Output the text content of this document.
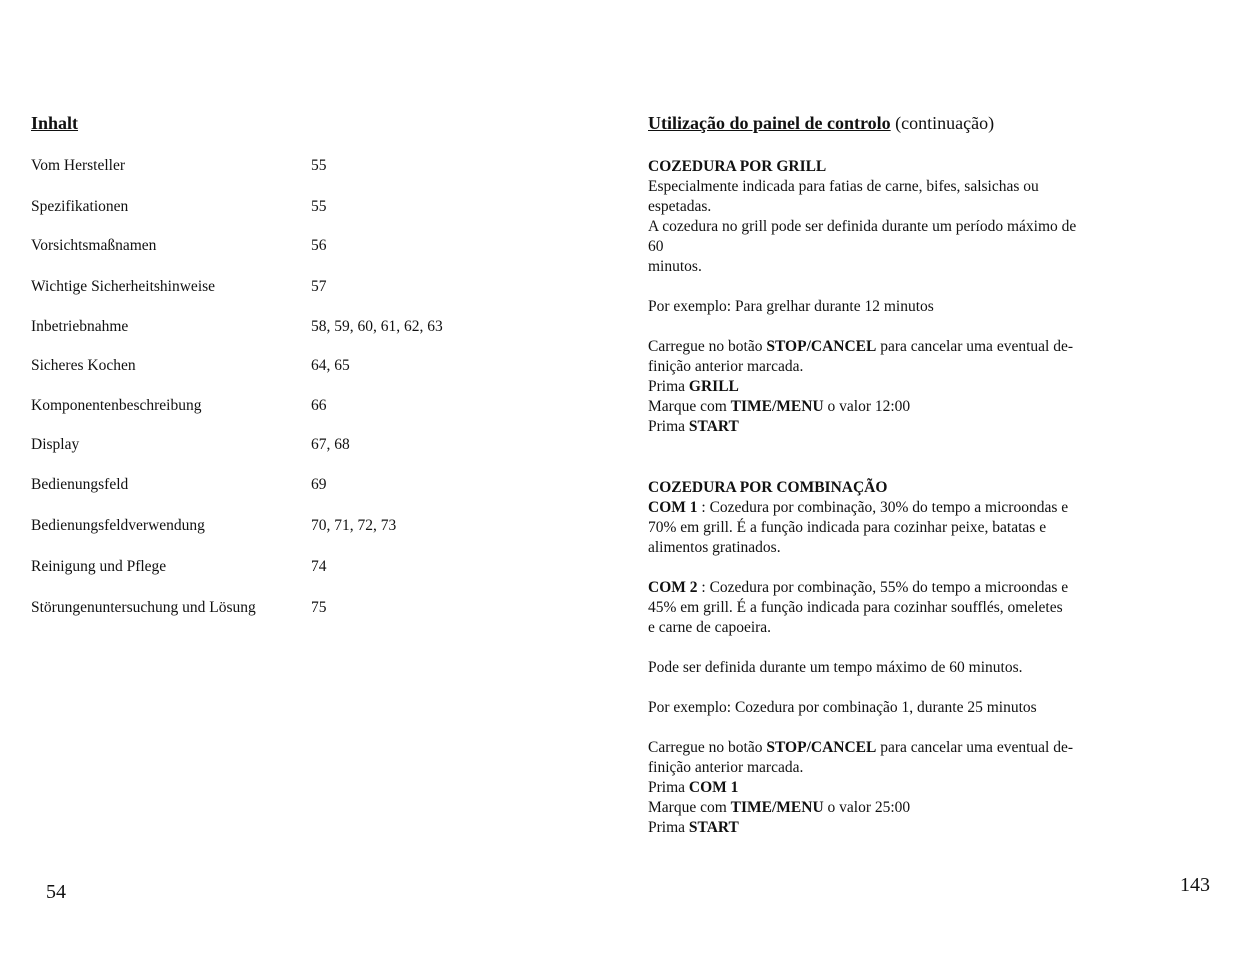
Inhalt
Vom Hersteller	55
Spezifikationen	55
Vorsichtsmaßnamen	56
Wichtige Sicherheitshinweise	57
Inbetriebnahme	58, 59, 60, 61, 62, 63
Sicheres Kochen	64, 65
Komponentenbeschreibung	66
Display	67, 68
Bedienungsfeld	69
Bedienungsfeldverwendung	70, 71, 72, 73
Reinigung und Pflege	74
Störungenuntersuchung und Lösung	75
54
Utilização do painel de controlo (continuação)
COZEDURA POR GRILL
Especialmente indicada para fatias de carne, bifes, salsichas ou
espetadas.
A cozedura no grill pode ser definida durante um período máximo de
60
minutos.

Por exemplo: Para grelhar durante 12 minutos

Carregue no botão STOP/CANCEL para cancelar uma eventual de-
finição anterior marcada.
Prima GRILL
Marque com TIME/MENU o valor 12:00
Prima START
COZEDURA POR COMBINAÇÃO
COM 1 : Cozedura por combinação, 30% do tempo a microondas e
70% em grill. É a função indicada para cozinhar peixe, batatas e
alimentos gratinados.

COM 2 : Cozedura por combinação, 55% do tempo a microondas e
45% em grill. É a função indicada para cozinhar soufflés, omeletes
e carne de capoeira.

Pode ser definida durante um tempo máximo de 60 minutos.

Por exemplo: Cozedura por combinação 1, durante 25 minutos

Carregue no botão STOP/CANCEL para cancelar uma eventual de-
finição anterior marcada.
Prima COM 1
Marque com TIME/MENU o valor 25:00
Prima START
143
